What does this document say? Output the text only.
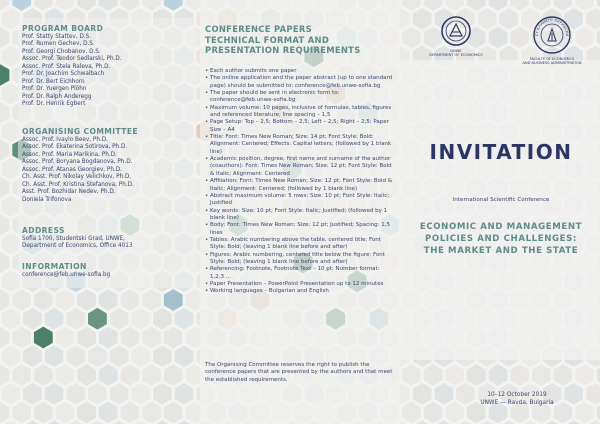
PROGRAM BOARD
Prof. Statty Stattev, D.S.
Prof. Rumen Gechev, D.S.
Prof. Georgi Chobanov, D.S.
Assoc. Prof. Teodor Sedlarski, Ph.D.
Assoc. Prof. Stela Raleva, Ph.D.
Prof. Dr. Joachim Schwalbach
Prof. Dr. Bert Eichhorn
Prof. Dr. Yuergen Plöhn
Prof. Dr. Ralph Anderegg
Prof. Dr. Henrik Egbert
ORGANISING COMMITTEE
Assoc. Prof. Ivaylo Beev, Ph.D.
Assoc. Prof. Ekaterina Sotirova, Ph.D.
Assoc. Prof. Maria Marikina, Ph.D.
Assoc. Prof. Boryana Bogdanova, Ph.D.
Assoc. Prof. Atanas Georgiev, Ph.D.
Ch. Asst. Prof. Nikolay Velichkov, Ph.D.
Ch. Asst. Prof. Kristina Stefanova, Ph.D.
Asst. Prof. Bozhidar Nedev, Ph.D.
Doniela Trifonova
ADDRESS
Sofia 1700, Studentski Grad, UNWE,
Department of Economics, Office 4013
INFORMATION
conference@feb.unwe-sofia.bg
CONFERENCE PAPERS
TECHNICAL FORMAT AND
PRESENTATION REQUIREMENTS
• Each author submits one paper
• The online application and the paper abstract (up to one standard page) should be submitted to: conference@feb.unwe-sofia.bg
• The paper should be sent in electronic form to: conference@feb.unwe-sofia.bg
• Maximum volume: 10 pages, inclusive of formulas, tables, figures and referenced literature; line spacing – 1,5
• Page Setup: Top – 2,5; Bottom – 2,5; Left – 2,5; Right – 2,5; Paper Size – A4
• Title: Font: Times New Roman; Size: 14 pt; Font Style: Bold; Alignment: Centered; Effects: Capital letters; (followed by 1 blank line)
• Academic position, degree, first name and surname of the author (coauthors): Font: Times New Roman; Size: 12 pt; Font Style: Bold & Italic; Alignment: Centered
• Affiliation: Font: Times New Roman; Size: 12 pt; Font Style: Bold & Italic; Alignment: Centered; (followed by 1 blank line)
• Abstract maximum volume: 5 rows; Size: 10 pt; Font Style: Italic; Justified
• Key words: Size: 10 pt; Font Style: Italic; Justified; (followed by 1 blank line)
• Body: Font: Times New Roman; Size: 12 pt; Justified; Spacing: 1,5 lines
• Tables: Arabic numbering above the table, centered title; Font Style: Bold; (leaving 1 blank line before and after)
• Figures: Arabic numbering, centered title below the figure; Font Style: Bold; (leaving 1 blank line before and after)
• Referencing: Footnote, Footnote Text – 10 pt; Number format: 1,2,3 ...
• Paper Presentation – PowerPoint Presentation up to 12 minutes
• Working languages – Bulgarian and English

The Organising Committee reserves the right to publish the conference papers that are presented by the authors and that meet the established requirements.

UNWE
DEPARTMENT OF ECONOMICS
СУ КЛИМЕНТ ОХРИДСКИ
FACULTY OF ECONOMICS
AND BUSINESS ADMINISTRATION
INVITATION
International Scientific Conference
ECONOMIC AND MANAGEMENT
POLICIES AND CHALLENGES:
THE MARKET AND THE STATE
10–12 October 2019
UNWE — Ravda, Bulgaria
